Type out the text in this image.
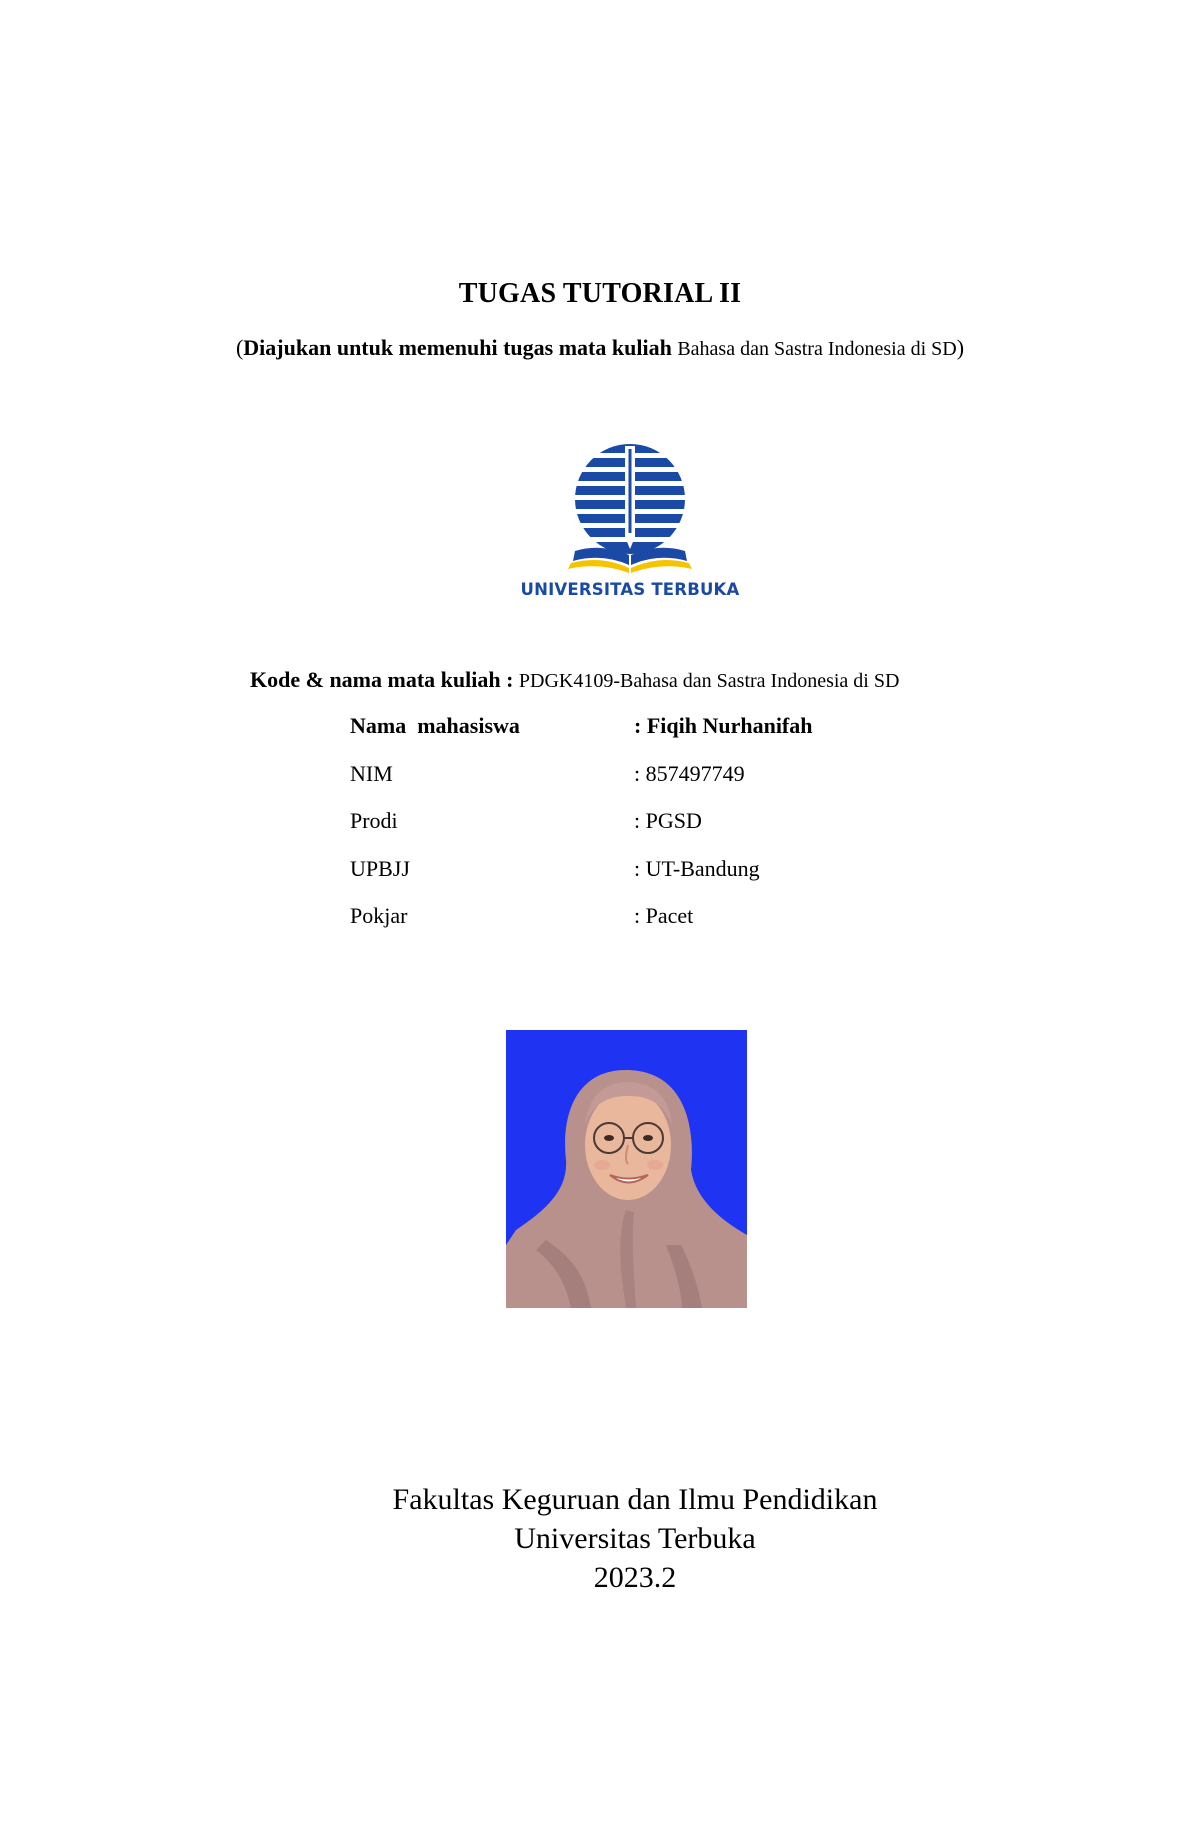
TUGAS TUTORIAL II
(Diajukan untuk memenuhi tugas mata kuliah Bahasa dan Sastra Indonesia di SD)
UNIVERSITAS TERBUKA
Kode & nama mata kuliah : PDGK4109-Bahasa dan Sastra Indonesia di SD
Nama  mahasiswa	: Fiqih Nurhanifah
NIM	: 857497749
Prodi	: PGSD
UPBJJ	: UT-Bandung
Pokjar	: Pacet
Fakultas Keguruan dan Ilmu Pendidikan
Universitas Terbuka
2023.2
